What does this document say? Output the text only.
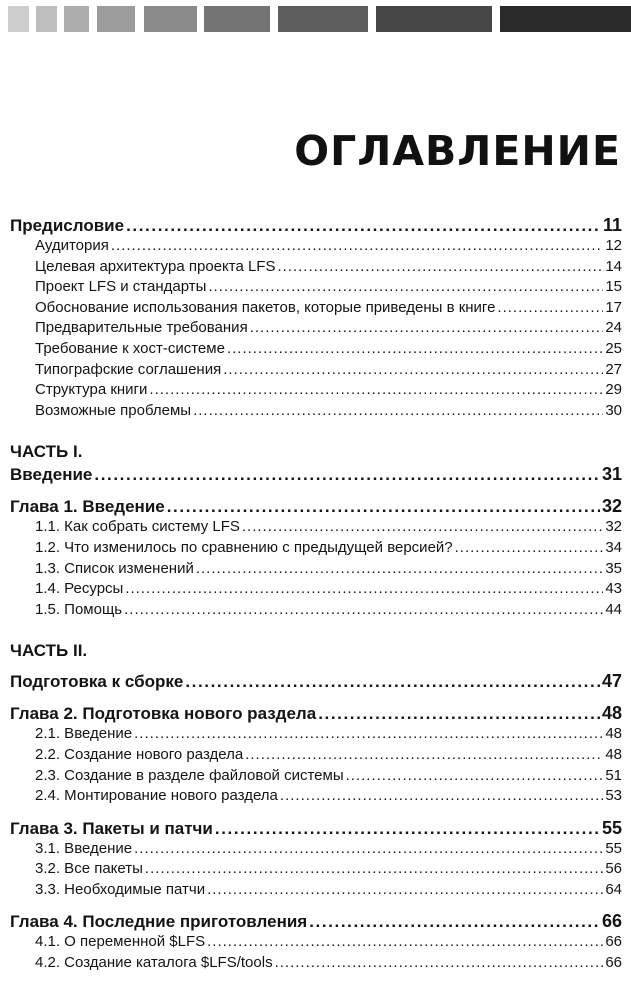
ОГЛАВЛЕНИЕ
Предисловие .....	11
Аудитория .....	12
Целевая архитектура проекта LFS .....	14
Проект LFS и стандарты .....	15
Обоснование использования пакетов, которые приведены в книге .....	17
Предварительные требования .....	24
Требование к хост-системе .....	25
Типографские соглашения .....	27
Структура книги .....	29
Возможные проблемы .....	30
ЧАСТЬ I.
Введение .....	31
Глава 1. Введение .....	32
1.1. Как собрать систему LFS .....	32
1.2. Что изменилось по сравнению с предыдущей версией? .....	34
1.3. Список изменений .....	35
1.4. Ресурсы .....	43
1.5. Помощь .....	44
ЧАСТЬ II.
Подготовка к сборке .....	47
Глава 2. Подготовка нового раздела .....	48
2.1. Введение .....	48
2.2. Создание нового раздела .....	48
2.3. Создание в разделе файловой системы .....	51
2.4. Монтирование нового раздела .....	53
Глава 3. Пакеты и патчи .....	55
3.1. Введение .....	55
3.2. Все пакеты .....	56
3.3. Необходимые патчи .....	64
Глава 4. Последние приготовления .....	66
4.1. О переменной $LFS .....	66
4.2. Создание каталога $LFS/tools .....	66
